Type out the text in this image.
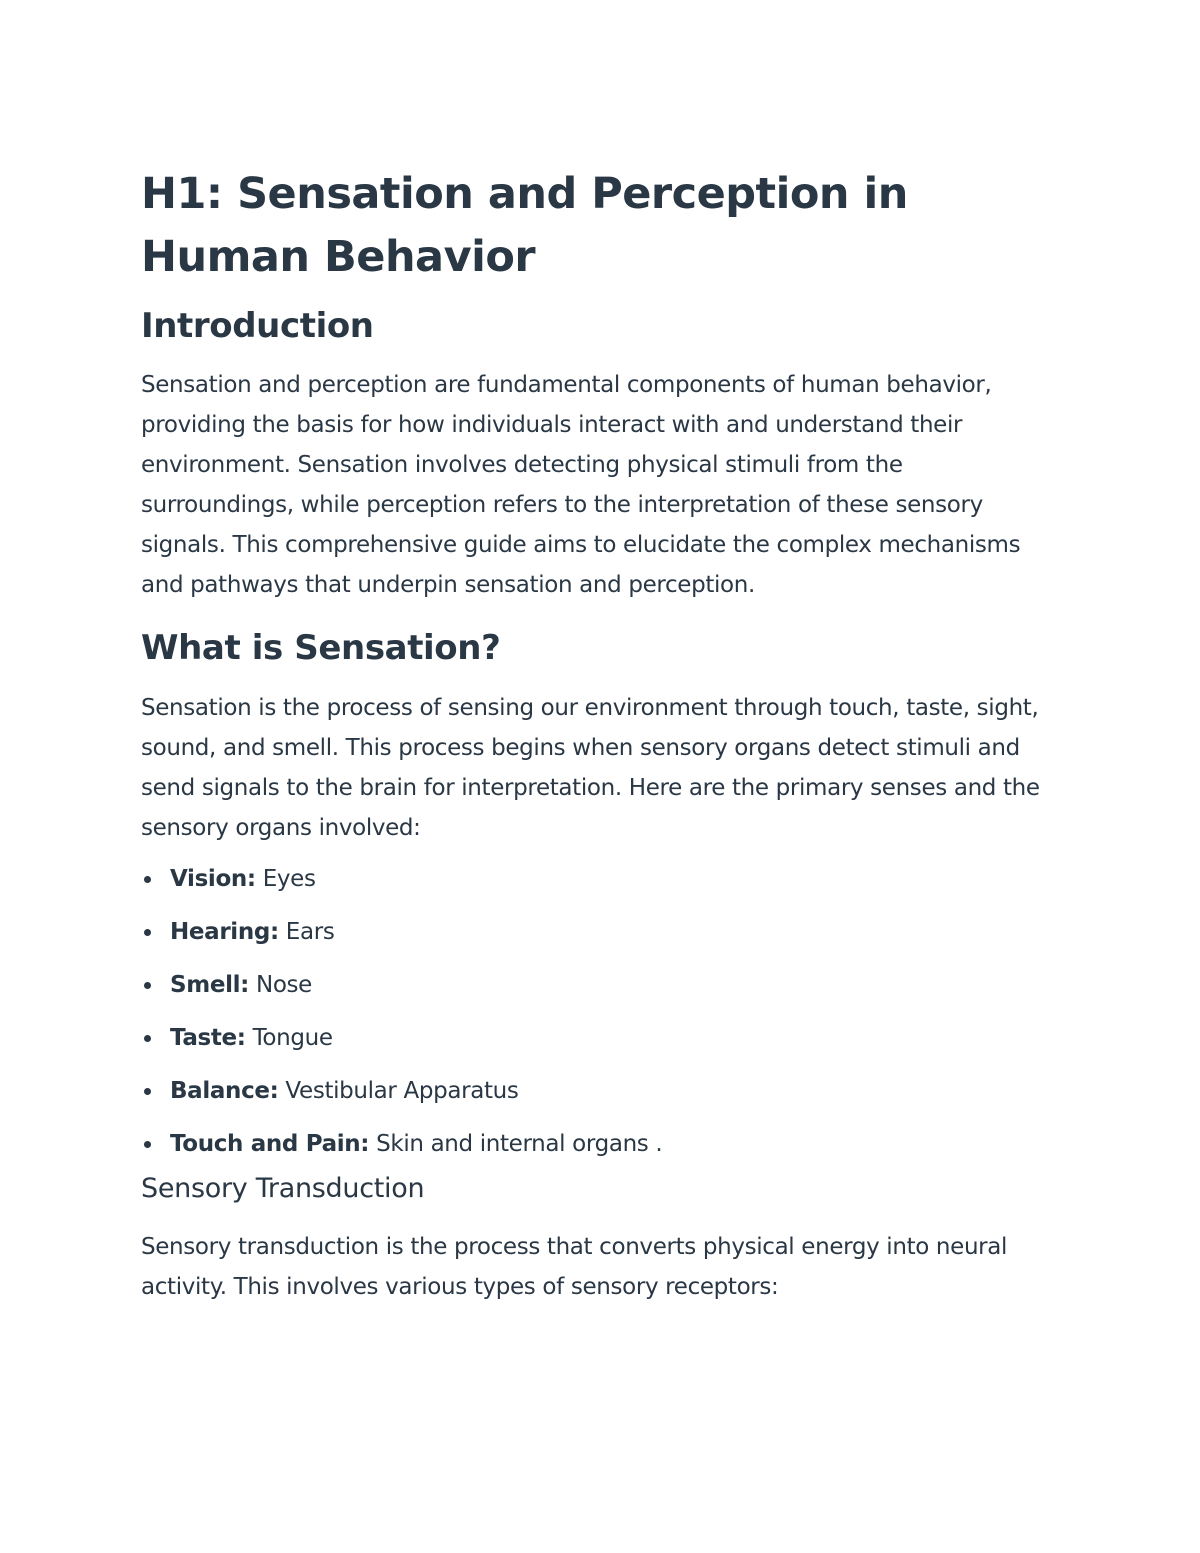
H1: Sensation and Perception in Human Behavior
Introduction

Sensation and perception are fundamental components of human behavior, providing the basis for how individuals interact with and understand their environment. Sensation involves detecting physical stimuli from the surroundings, while perception refers to the interpretation of these sensory signals. This comprehensive guide aims to elucidate the complex mechanisms and pathways that underpin sensation and perception.

What is Sensation?

Sensation is the process of sensing our environment through touch, taste, sight, sound, and smell. This process begins when sensory organs detect stimuli and send signals to the brain for interpretation. Here are the primary senses and the sensory organs involved:

Vision: Eyes
Hearing: Ears
Smell: Nose
Taste: Tongue
Balance: Vestibular Apparatus
Touch and Pain: Skin and internal organs .
Sensory Transduction

Sensory transduction is the process that converts physical energy into neural activity. This involves various types of sensory receptors:
